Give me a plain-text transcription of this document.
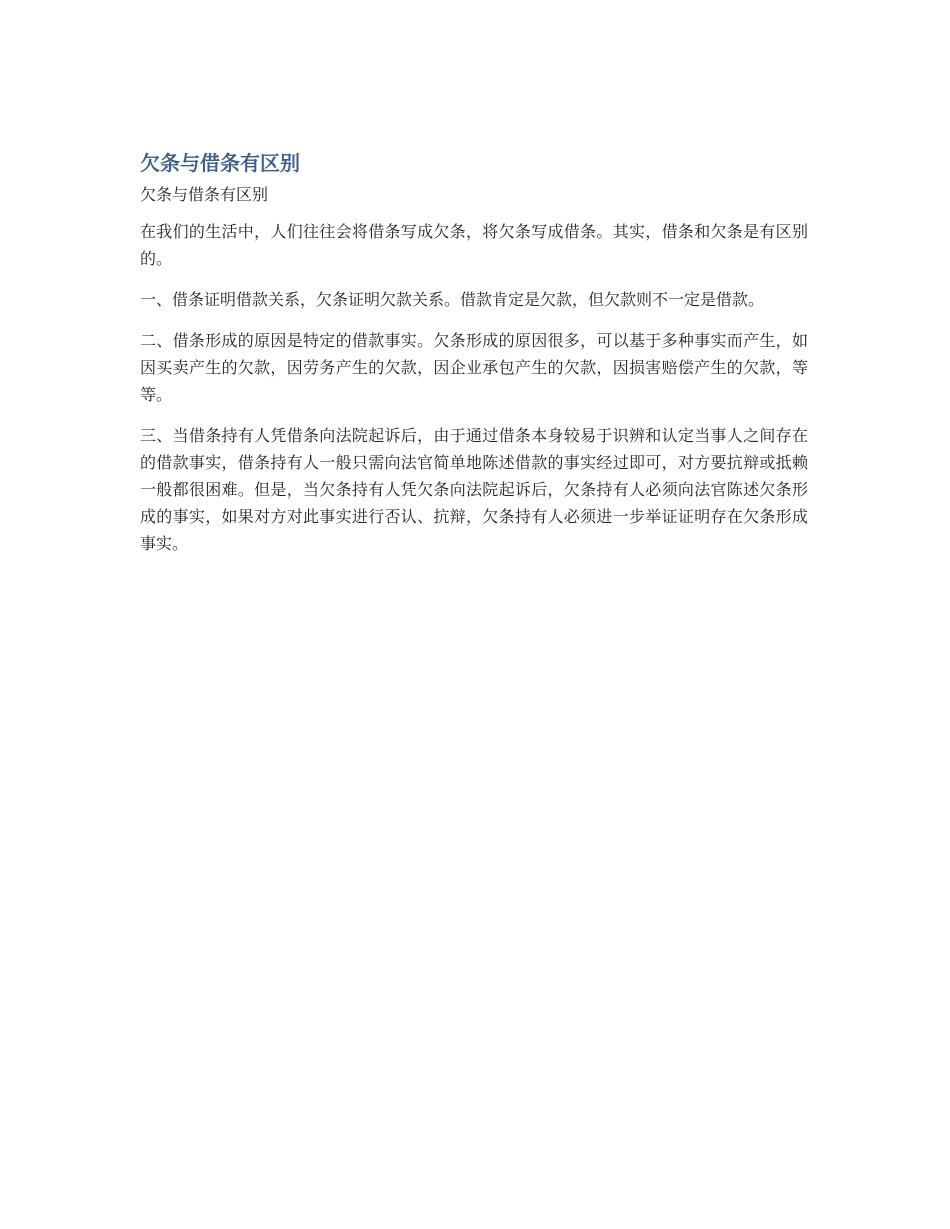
欠条与借条有区别

欠条与借条有区别

在我们的生活中，人们往往会将借条写成欠条，将欠条写成借条。其实，借条和欠条是有区别的。

一、借条证明借款关系，欠条证明欠款关系。借款肯定是欠款，但欠款则不一定是借款。

二、借条形成的原因是特定的借款事实。欠条形成的原因很多，可以基于多种事实而产生，如因买卖产生的欠款，因劳务产生的欠款，因企业承包产生的欠款，因损害赔偿产生的欠款，等等。

三、当借条持有人凭借条向法院起诉后，由于通过借条本身较易于识辨和认定当事人之间存在的借款事实，借条持有人一般只需向法官简单地陈述借款的事实经过即可，对方要抗辩或抵赖一般都很困难。但是，当欠条持有人凭欠条向法院起诉后，欠条持有人必须向法官陈述欠条形成的事实，如果对方对此事实进行否认、抗辩，欠条持有人必须进一步举证证明存在欠条形成事实。
